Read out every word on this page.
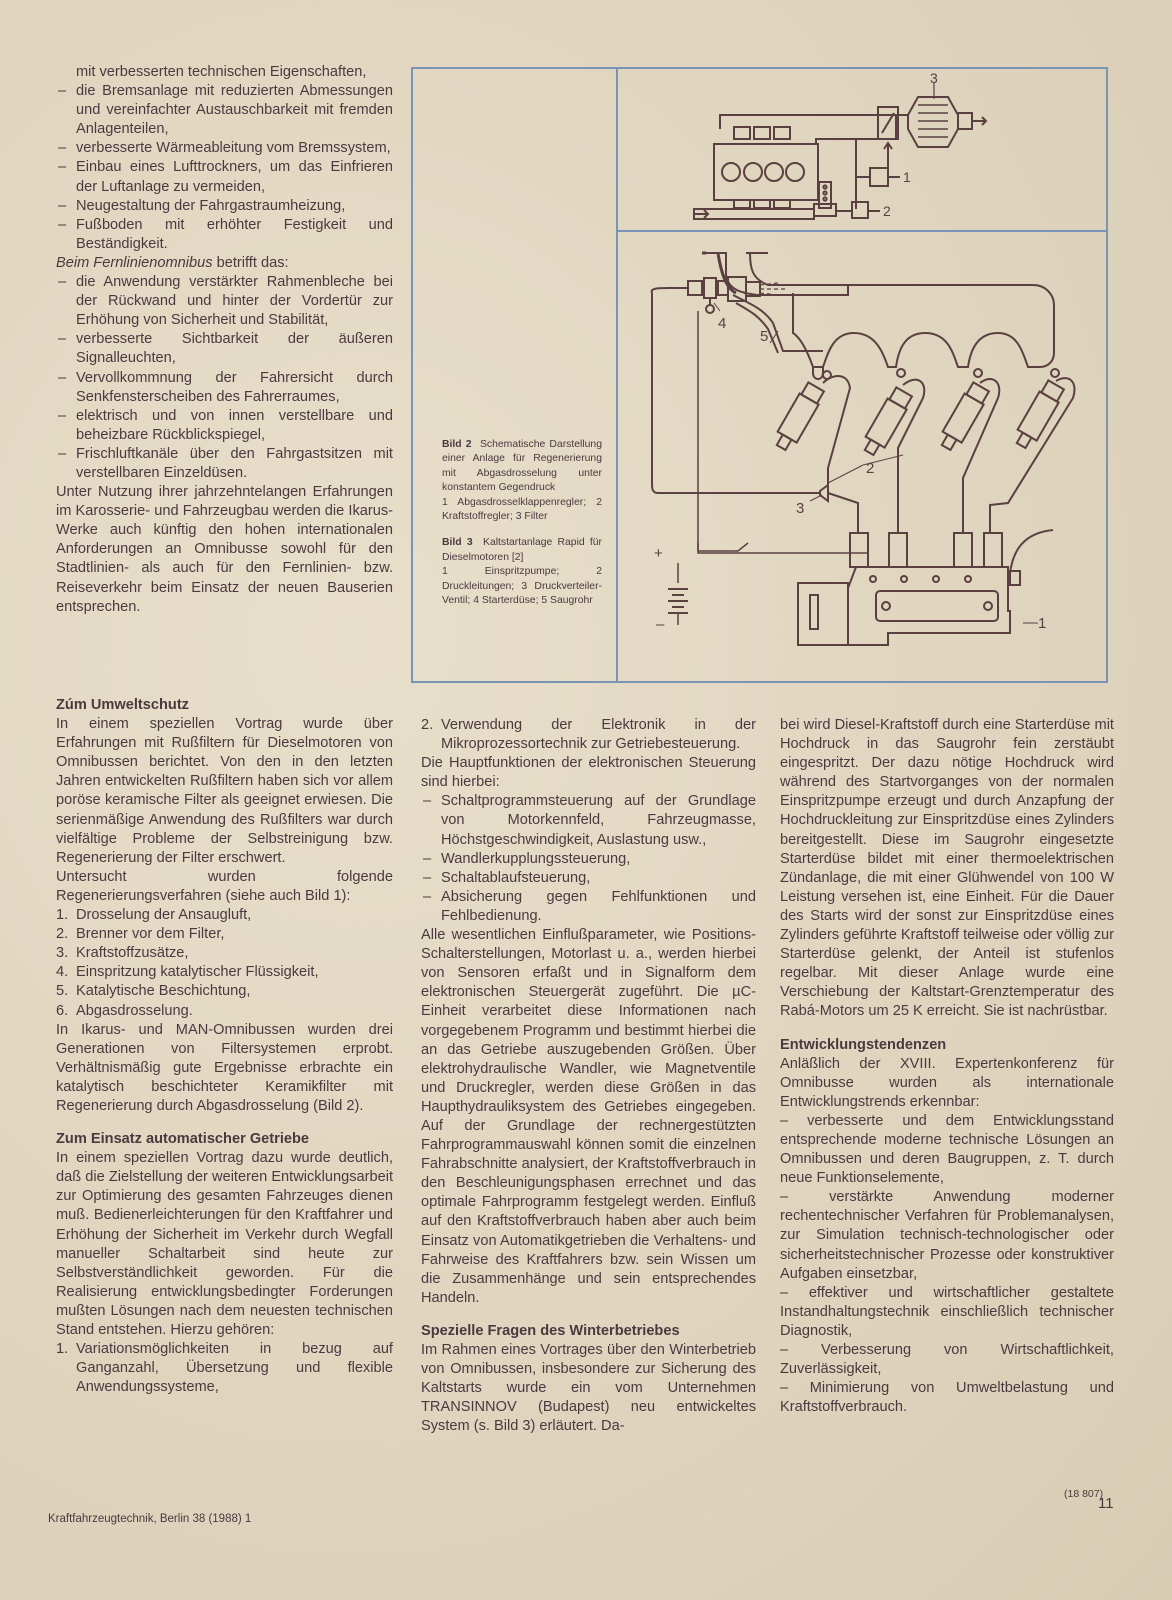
3
1
2
2
3
4
5
1
+
–

Bild 2 Schematische Darstellung einer Anlage für Regenerierung mit Abgasdrosselung unter konstantem Gegendruck

1 Abgasdrosselklappenregler; 2 Kraftstoffregler; 3 Filter

Bild 3 Kaltstartanlage Rapid für Dieselmotoren [2]

1 Einspritzpumpe; 2 Druckleitungen; 3 Druckverteiler-Ventil; 4 Starterdüse; 5 Saugrohr

mit verbesserten technischen Eigenschaften,

– die Bremsanlage mit reduzierten Abmessungen und vereinfachter Austauschbarkeit mit fremden Anlagenteilen,

– verbesserte Wärmeableitung vom Bremssystem,

– Einbau eines Lufttrockners, um das Einfrieren der Luftanlage zu vermeiden,

– Neugestaltung der Fahrgastraumheizung,

– Fußboden mit erhöhter Festigkeit und Beständigkeit.

Beim Fernlinienomnibus betrifft das:

– die Anwendung verstärkter Rahmenbleche bei der Rückwand und hinter der Vordertür zur Erhöhung von Sicherheit und Stabilität,

– verbesserte Sichtbarkeit der äußeren Signalleuchten,

– Vervollkommnung der Fahrersicht durch Senkfensterscheiben des Fahrerraumes,

– elektrisch und von innen verstellbare und beheizbare Rückblickspiegel,

– Frischluftkanäle über den Fahrgastsitzen mit verstellbaren Einzeldüsen.

Unter Nutzung ihrer jahrzehntelangen Erfahrungen im Karosserie- und Fahrzeugbau werden die Ikarus-Werke auch künftig den hohen internationalen Anforderungen an Omnibusse sowohl für den Stadtlinien- als auch für den Fernlinien- bzw. Reiseverkehr beim Einsatz der neuen Bauserien entsprechen.

Zúm Umweltschutz

In einem speziellen Vortrag wurde über Erfahrungen mit Rußfiltern für Dieselmotoren von Omnibussen berichtet. Von den in den letzten Jahren entwickelten Rußfiltern haben sich vor allem poröse keramische Filter als geeignet erwiesen. Die serienmäßige Anwendung des Rußfilters war durch vielfältige Probleme der Selbstreinigung bzw. Regenerierung der Filter erschwert.

Untersucht wurden folgende Regenerierungsverfahren (siehe auch Bild 1):

1. Drosselung der Ansaugluft,

2. Brenner vor dem Filter,

3. Kraftstoffzusätze,

4. Einspritzung katalytischer Flüssigkeit,

5. Katalytische Beschichtung,

6. Abgasdrosselung.

In Ikarus- und MAN-Omnibussen wurden drei Generationen von Filtersystemen erprobt. Verhältnismäßig gute Ergebnisse erbrachte ein katalytisch beschichteter Keramikfilter mit Regenerierung durch Abgasdrosselung (Bild 2).

Zum Einsatz automatischer Getriebe

In einem speziellen Vortrag dazu wurde deutlich, daß die Zielstellung der weiteren Entwicklungsarbeit zur Optimierung des gesamten Fahrzeuges dienen muß. Bedienerleichterungen für den Kraftfahrer und Erhöhung der Sicherheit im Verkehr durch Wegfall manueller Schaltarbeit sind heute zur Selbstverständlichkeit geworden. Für die Realisierung entwicklungsbedingter Forderungen mußten Lösungen nach dem neuesten technischen Stand entstehen. Hierzu gehören:

1. Variationsmöglichkeiten in bezug auf Ganganzahl, Übersetzung und flexible Anwendungssysteme,

2. Verwendung der Elektronik in der Mikroprozessortechnik zur Getriebesteuerung.

Die Hauptfunktionen der elektronischen Steuerung sind hierbei:

– Schaltprogrammsteuerung auf der Grundlage von Motorkennfeld, Fahrzeugmasse, Höchstgeschwindigkeit, Auslastung usw.,

– Wandlerkupplungssteuerung,

– Schaltablaufsteuerung,

– Absicherung gegen Fehlfunktionen und Fehlbedienung.

Alle wesentlichen Einflußparameter, wie Positions-Schalterstellungen, Motorlast u. a., werden hierbei von Sensoren erfaßt und in Signalform dem elektronischen Steuergerät zugeführt. Die µC-Einheit verarbeitet diese Informationen nach vorgegebenem Programm und bestimmt hierbei die an das Getriebe auszugebenden Größen. Über elektrohydraulische Wandler, wie Magnetventile und Druckregler, werden diese Größen in das Haupthydrauliksystem des Getriebes eingegeben. Auf der Grundlage der rechnergestützten Fahrprogrammauswahl können somit die einzelnen Fahrabschnitte analysiert, der Kraftstoffverbrauch in den Beschleunigungsphasen errechnet und das optimale Fahrprogramm festgelegt werden. Einfluß auf den Kraftstoffverbrauch haben aber auch beim Einsatz von Automatikgetrieben die Verhaltens- und Fahrweise des Kraftfahrers bzw. sein Wissen um die Zusammenhänge und sein entsprechendes Handeln.

Spezielle Fragen des Winterbetriebes

Im Rahmen eines Vortrages über den Winterbetrieb von Omnibussen, insbesondere zur Sicherung des Kaltstarts wurde ein vom Unternehmen TRANSINNOV (Budapest) neu entwickeltes System (s. Bild 3) erläutert. Da-

bei wird Diesel-Kraftstoff durch eine Starterdüse mit Hochdruck in das Saugrohr fein zerstäubt eingespritzt. Der dazu nötige Hochdruck wird während des Startvorganges von der normalen Einspritzpumpe erzeugt und durch Anzapfung der Hochdruckleitung zur Einspritzdüse eines Zylinders bereitgestellt. Diese im Saugrohr eingesetzte Starterdüse bildet mit einer thermoelektrischen Zündanlage, die mit einer Glühwendel von 100 W Leistung versehen ist, eine Einheit. Für die Dauer des Starts wird der sonst zur Einspritzdüse eines Zylinders geführte Kraftstoff teilweise oder völlig zur Starterdüse gelenkt, der Anteil ist stufenlos regelbar. Mit dieser Anlage wurde eine Verschiebung der Kaltstart-Grenztemperatur des Rabá-Motors um 25 K erreicht. Sie ist nachrüstbar.

Entwicklungstendenzen

Anläßlich der XVIII. Expertenkonferenz für Omnibusse wurden als internationale Entwicklungstrends erkennbar:

– verbesserte und dem Entwicklungsstand entsprechende moderne technische Lösungen an Omnibussen und deren Baugruppen, z. T. durch neue Funktionselemente,

– verstärkte Anwendung moderner rechentechnischer Verfahren für Problemanalysen, zur Simulation technisch-technologischer oder sicherheitstechnischer Prozesse oder konstruktiver Aufgaben einsetzbar,

– effektiver und wirtschaftlicher gestaltete Instandhaltungstechnik einschließlich technischer Diagnostik,

– Verbesserung von Wirtschaftlichkeit, Zuverlässigkeit,

– Minimierung von Umweltbelastung und Kraftstoffverbrauch.

(18 807)
Kraftfahrzeugtechnik, Berlin 38 (1988) 1
11
